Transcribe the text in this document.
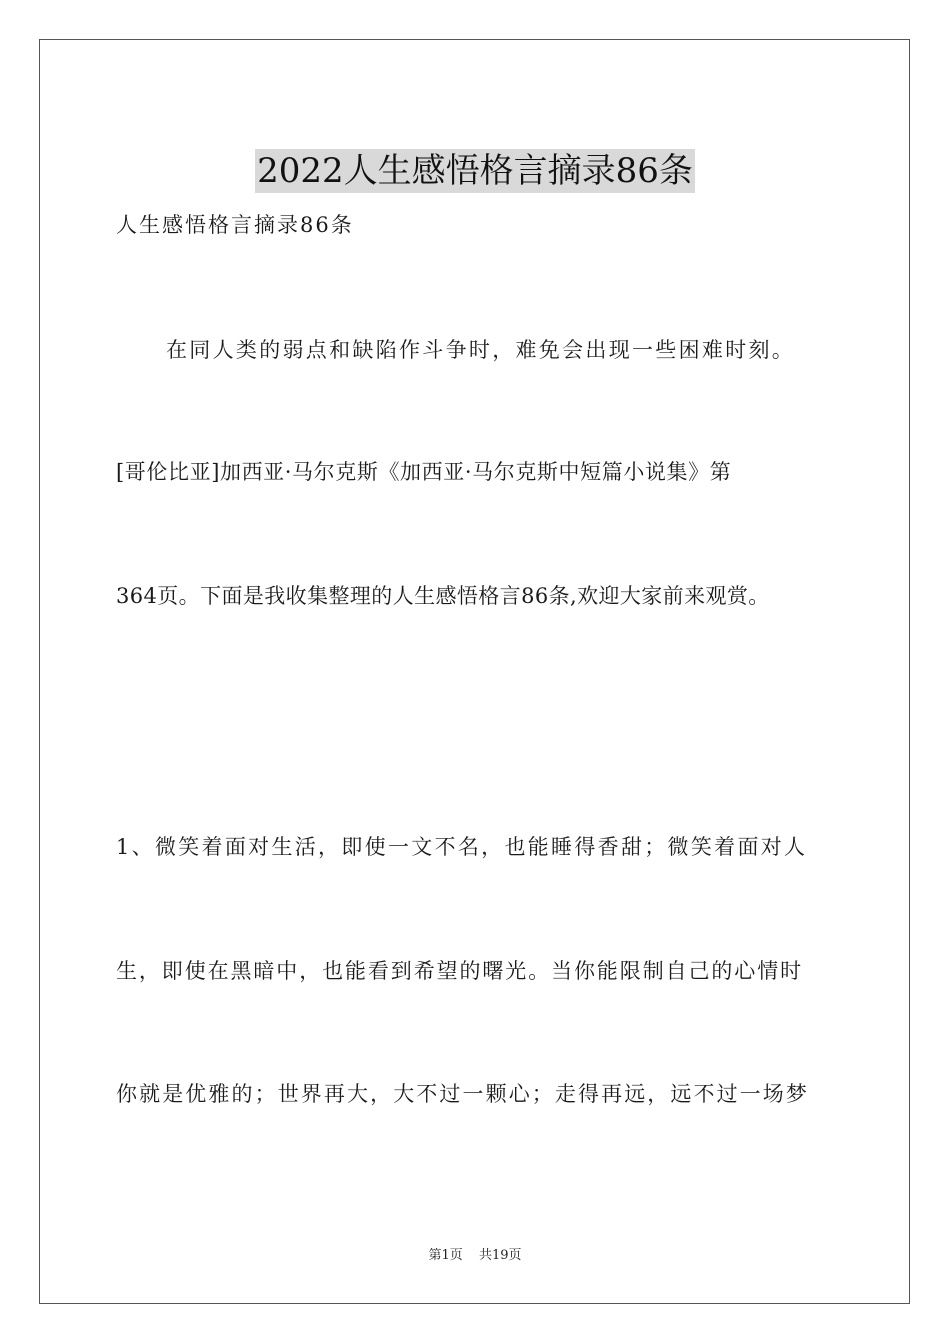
2022人生感悟格言摘录86条
人生感悟格言摘录86条
在同人类的弱点和缺陷作斗争时，难免会出现一些困难时刻。
[哥伦比亚]加西亚·马尔克斯《加西亚·马尔克斯中短篇小说集》第
364页。下面是我收集整理的人生感悟格言86条,欢迎大家前来观赏。
1、微笑着面对生活，即使一文不名，也能睡得香甜；微笑着面对人
生，即使在黑暗中，也能看到希望的曙光。当你能限制自己的心情时
你就是优雅的；世界再大，大不过一颗心；走得再远，远不过一场梦
第1页 共19页
